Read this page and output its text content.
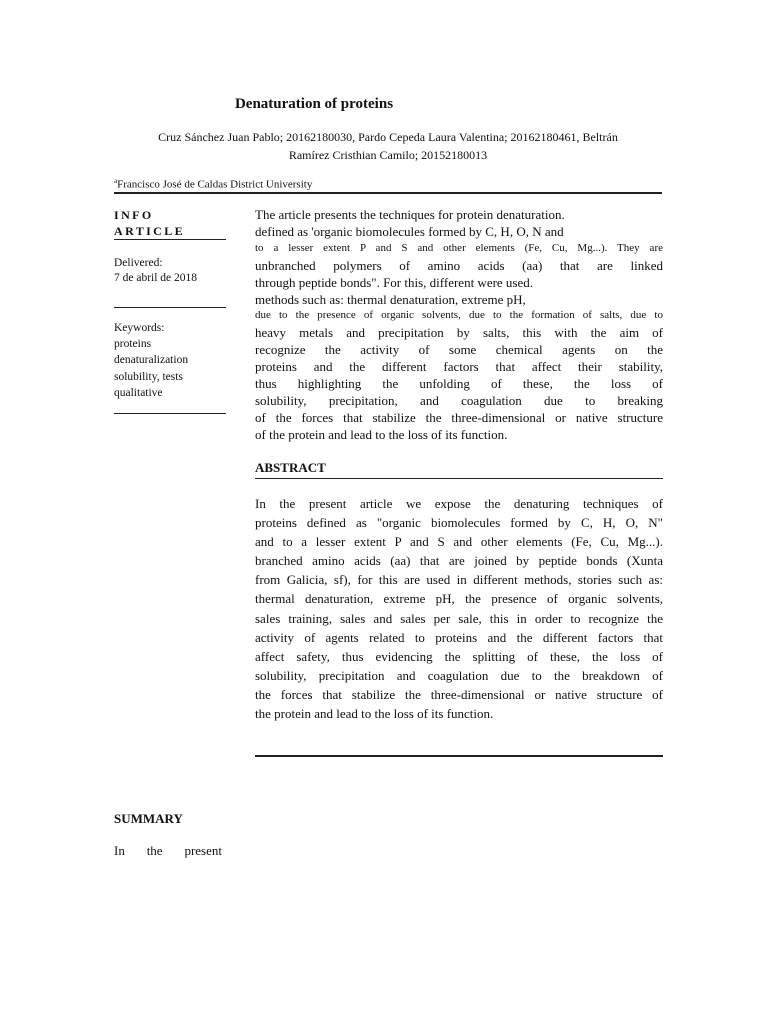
Denaturation of proteins
Cruz Sánchez Juan Pablo; 20162180030, Pardo Cepeda Laura Valentina; 20162180461, Beltrán
Ramírez Cristhian Camilo; 20152180013
$^a$Francisco José de Caldas District University
INFO
ARTICLE
Delivered:
7 de abril de 2018
Keywords:
proteins
denaturalization
solubility, tests
qualitative
The article presents the techniques for protein denaturation.
defined as 'organic biomolecules formed by C, H, O, N and
to a lesser extent P and S and other elements (Fe, Cu, Mg...). They are
unbranched polymers of amino acids (aa) that are linked
through peptide bonds". For this, different were used.
methods such as: thermal denaturation, extreme pH,
due to the presence of organic solvents, due to the formation of salts, due to
heavy metals and precipitation by salts, this with the aim of
recognize the activity of some chemical agents on the
proteins and the different factors that affect their stability,
thus highlighting the unfolding of these, the loss of
solubility, precipitation, and coagulation due to breaking
of the forces that stabilize the three-dimensional or native structure
of the protein and lead to the loss of its function.
ABSTRACT
In the present article we expose the denaturing techniques of
proteins defined as "organic biomolecules formed by C, H, O, N"
and to a lesser extent P and S and other elements (Fe, Cu, Mg...).
branched amino acids (aa) that are joined by peptide bonds (Xunta
from Galicia, sf), for this are used in different methods, stories such as:
thermal denaturation, extreme pH, the presence of organic solvents,
sales training, sales and sales per sale, this in order to recognize the
activity of agents related to proteins and the different factors that
affect safety, thus evidencing the splitting of these, the loss of
solubility, precipitation and coagulation due to the breakdown of
the forces that stabilize the three-dimensional or native structure of
the protein and lead to the loss of its function.
SUMMARY
In the present
